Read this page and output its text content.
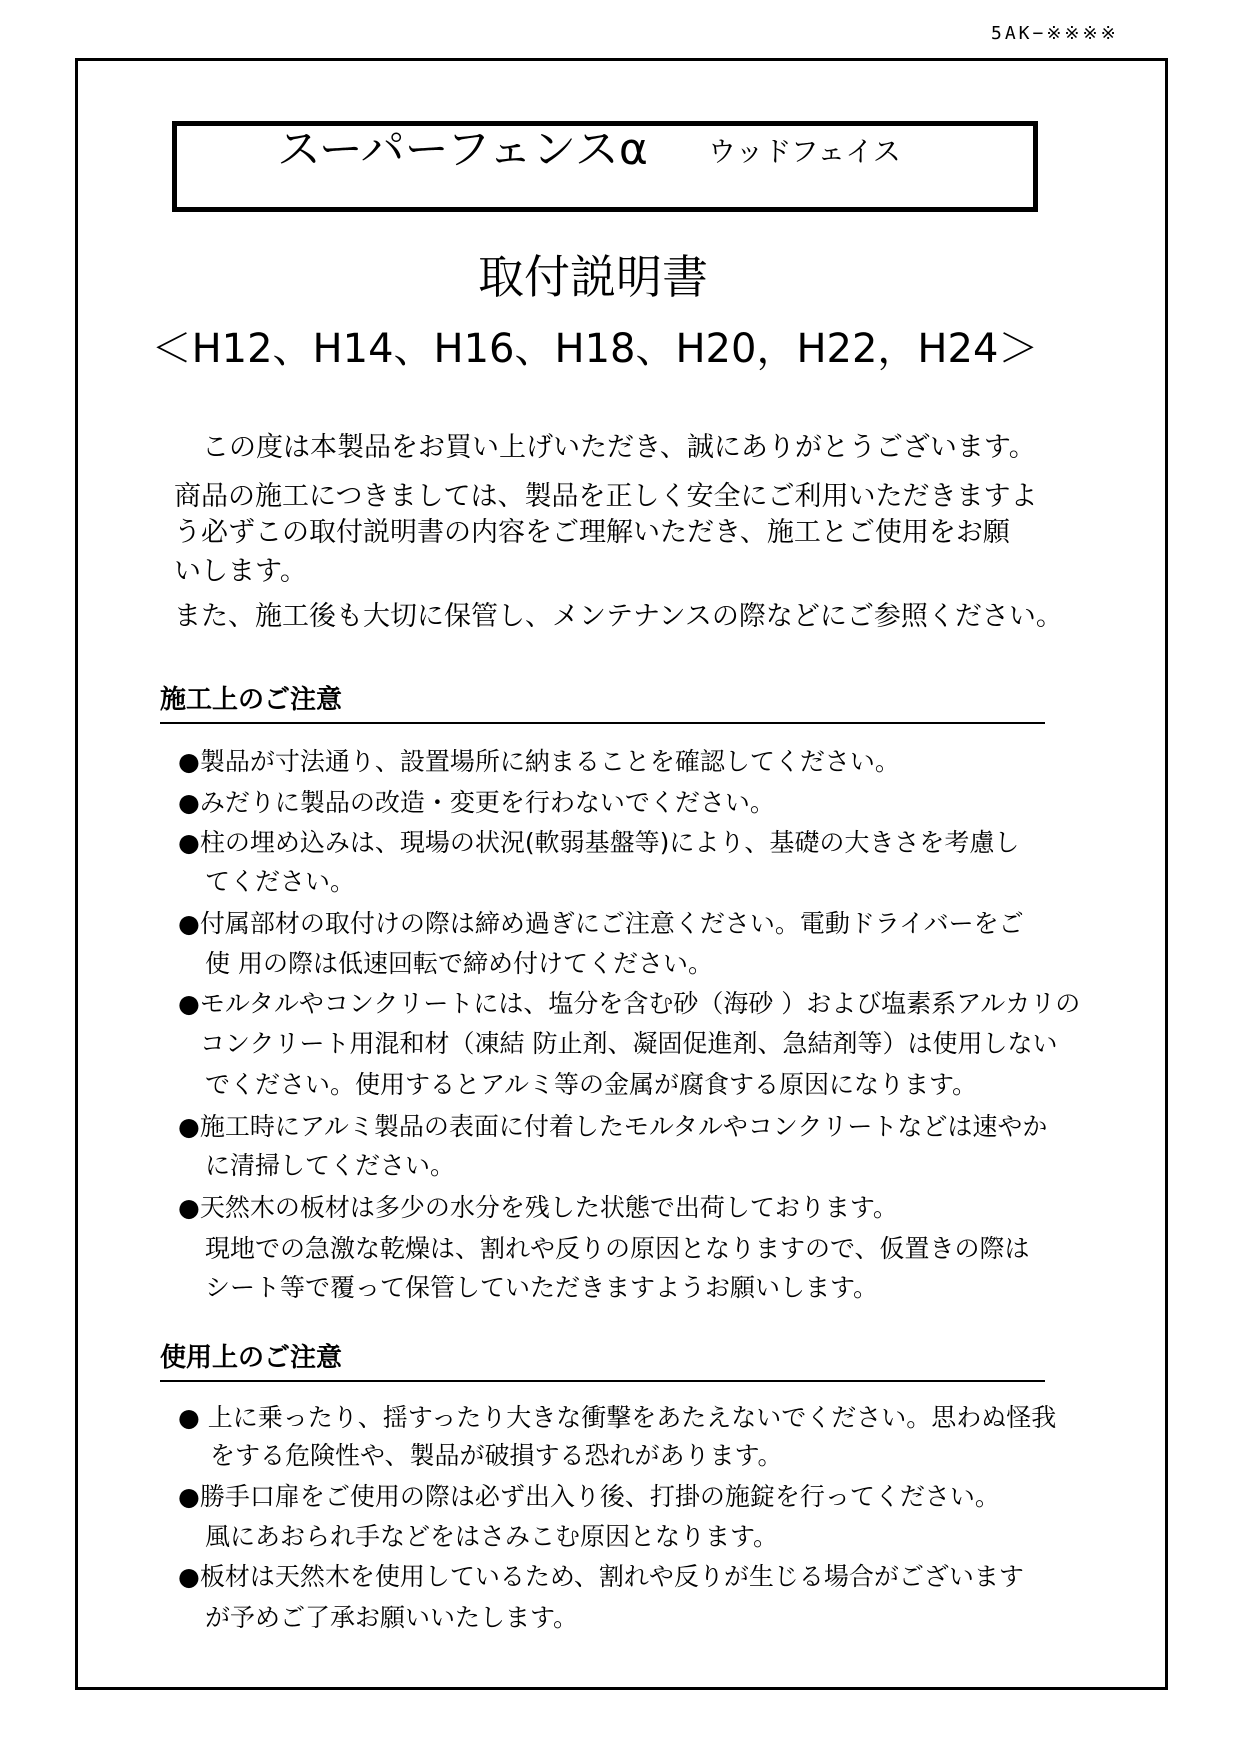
5AK−※※※※
スーパーフェンスα ウッドフェイス
取付説明書
＜H12、H14、H16、H18、H20，H22，H24＞
この度は本製品をお買い上げいただき、誠にありがとうございます。
商品の施工につきましては、製品を正しく安全にご利用いただきますよ
う必ずこの取付説明書の内容をご理解いただき、施工とご使用をお願
いします。
また、施工後も大切に保管し、メンテナンスの際などにご参照ください。
施工上のご注意
●製品が寸法通り、設置場所に納まることを確認してください。
●みだりに製品の改造・変更を行わないでください。
●柱の埋め込みは、現場の状況(軟弱基盤等)により、基礎の大きさを考慮し
てください。
●付属部材の取付けの際は締め過ぎにご注意ください。電動ドライバーをご
使 用の際は低速回転で締め付けてください。
●モルタルやコンクリートには、塩分を含む砂（海砂 ）および塩素系アルカリの
コンクリート用混和材（凍結 防止剤、凝固促進剤、急結剤等）は使用しない
でください。使用するとアルミ等の金属が腐食する原因になります。
●施工時にアルミ製品の表面に付着したモルタルやコンクリートなどは速やか
に清掃してください。
●天然木の板材は多少の水分を残した状態で出荷しております。
現地での急激な乾燥は、割れや反りの原因となりますので、仮置きの際は
シート等で覆って保管していただきますようお願いします。
使用上のご注意
● 上に乗ったり、揺すったり大きな衝撃をあたえないでください。思わぬ怪我
をする危険性や、製品が破損する恐れがあります。
●勝手口扉をご使用の際は必ず出入り後、打掛の施錠を行ってください。
風にあおられ手などをはさみこむ原因となります。
●板材は天然木を使用しているため、割れや反りが生じる場合がございます
が予めご了承お願いいたします。
